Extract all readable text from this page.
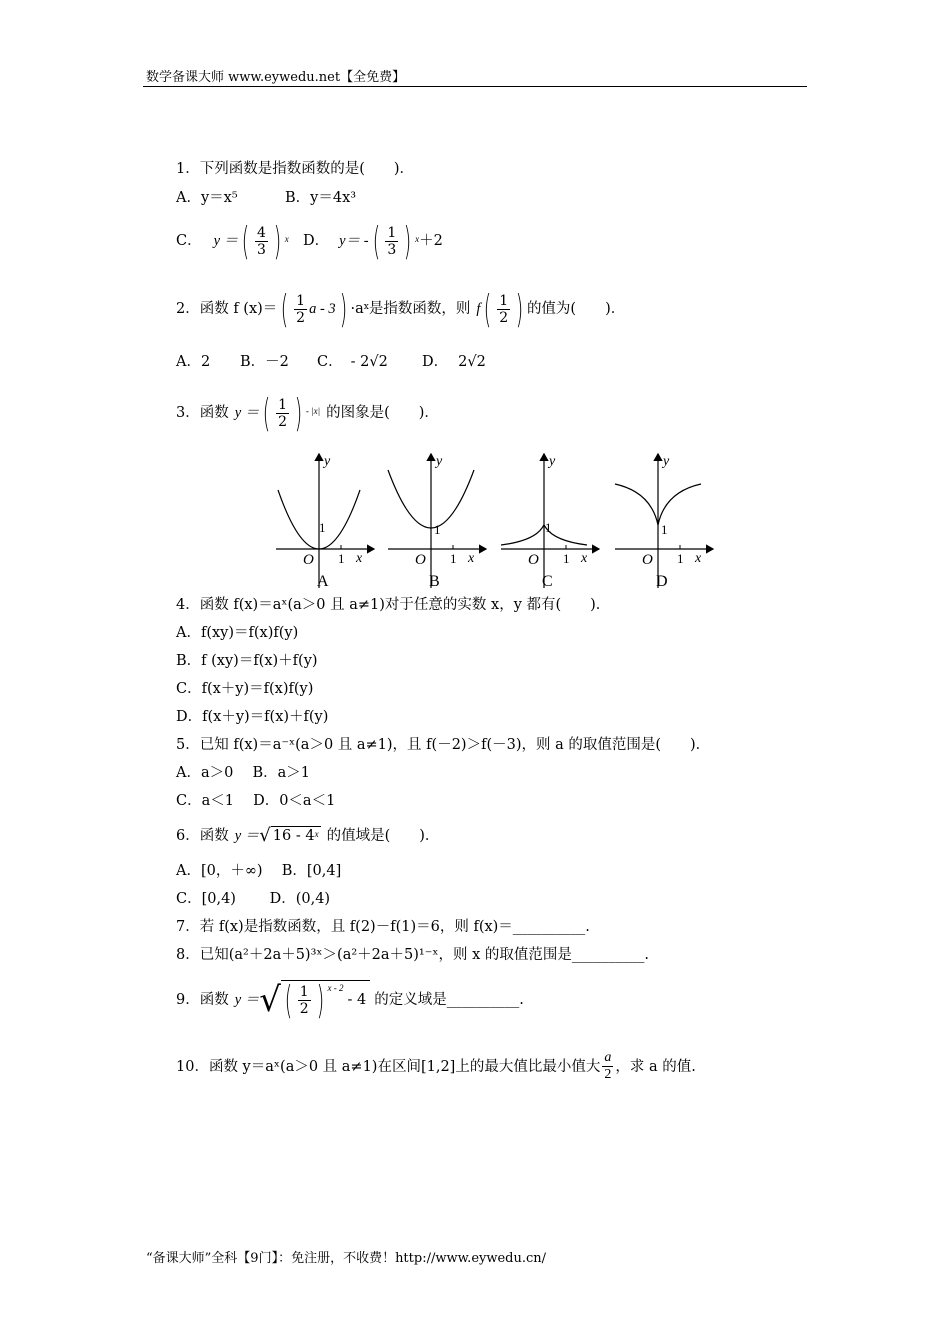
数学备课大师 www.eywedu.net【全免费】
“备课大师”全科【9门】：免注册，不收费！http://www.eywedu.cn/
1．下列函数是指数函数的是(　　)．
A．y＝x⁵	B．y＝4x³
C． y ＝ ( $\frac{4}{3}$ ) $^x$ D． y＝ - ( $\frac{1}{3}$ ) $^x$ ＋2
2．函数 f (x)＝ ( $\frac{1}{2}$ a - 3 ) $\cdot a^x$ 是指数函数，则 f ( $\frac{1}{2}$ ) 的值为(　　)．
A．2 B．－2 C． - 2√2 D． 2√2
3．函数 y ＝ ( $\frac{1}{2}$ ) $^{- |x|}$ 的图象是(　　)．
y
x
O 1
1
A
y
x
O 1
1
B
y
x
O 1
1
C
y
x
O 1
1
D
4．函数 f(x)＝aˣ(a＞0 且 a≠1)对于任意的实数 x，y 都有(　　)．
A．f(xy)＝f(x)f(y)
B．f (xy)＝f(x)＋f(y)
C．f(x＋y)＝f(x)f(y)
D．f(x＋y)＝f(x)＋f(y)
5．已知 f(x)＝a⁻ˣ(a＞0 且 a≠1)，且 f(－2)＞f(－3)，则 a 的取值范围是(　　)．
A．a＞0　 B．a＞1
C．a＜1　 D．0＜a＜1
6．函数 y ＝ √ 16 - 4$^x$ 的值域是(　　)．
A．[0，＋∞)　 B．[0,4]
C．[0,4)　　 D．(0,4)
7．若 f(x)是指数函数，且 f(2)－f(1)＝6，则 f(x)＝__________.
8．已知(a²＋2a＋5)³ˣ＞(a²＋2a＋5)¹⁻ˣ，则 x 的取值范围是__________.
9．函数 y ＝ √ ( $\frac{1}{2}$ ) $^{x - 2}$
- 4 的定义域是__________.
10．函数 y＝aˣ(a＞0 且 a≠1)在区间[1,2]上的最大值比最小值大 $\frac{a}{2}$ ，求 a 的值.
